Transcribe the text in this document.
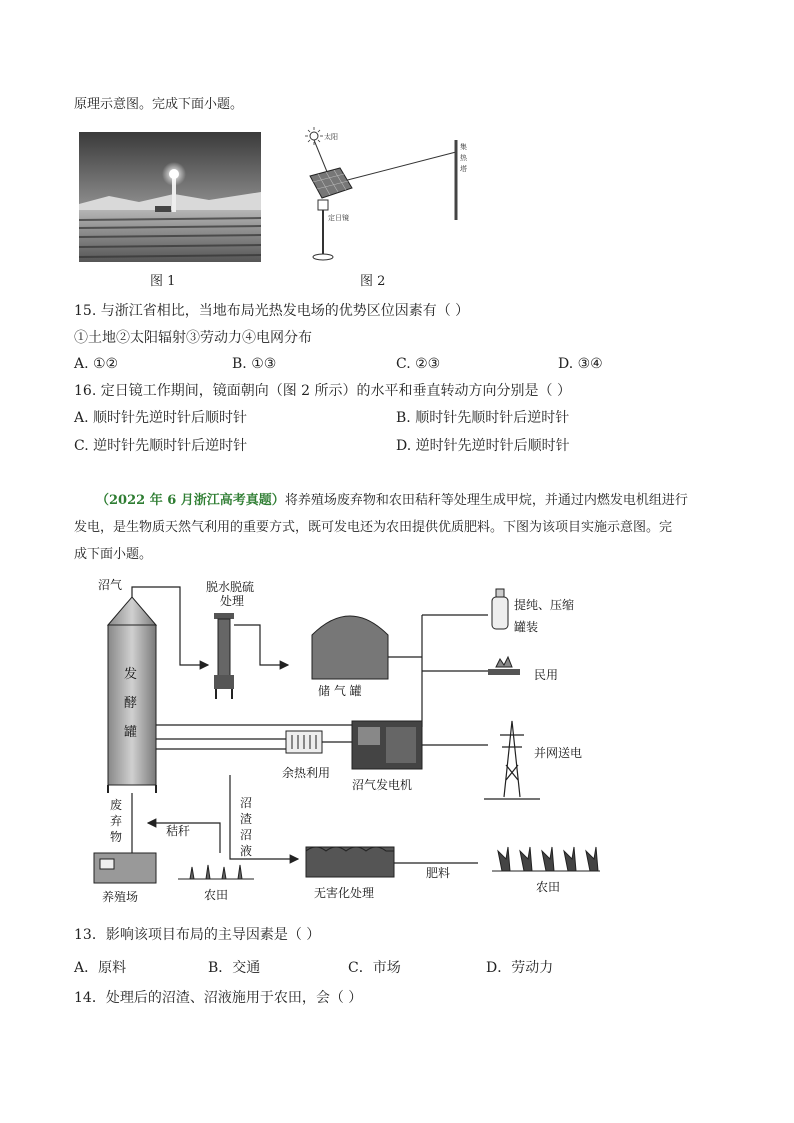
原理示意图。完成下面小题。
图 1
太阳
集
热
塔
定日镜
图 2
15. 与浙江省相比，当地布局光热发电场的优势区位因素有（ ）
①土地②太阳辐射③劳动力④电网分布
A. ①②	B. ①③	C. ②③	D. ③④
16. 定日镜工作期间，镜面朝向（图 2 所示）的水平和垂直转动方向分别是（ ）
A. 顺时针先逆时针后顺时针	B. 顺时针先顺时针后逆时针
C. 逆时针先顺时针后逆时针	D. 逆时针先逆时针后顺时针
（2022 年 6 月浙江高考真题）将养殖场废弃物和农田秸秆等处理生成甲烷，并通过内燃发电机组进行
发电，是生物质天然气利用的重要方式，既可发电还为农田提供优质肥料。下图为该项目实施示意图。完
成下面小题。
发
酵
罐
沼气	脱水脱硫
处理
储 气 罐
提纯、压缩
罐装
民用
沼气发电机
余热利用
并网送电
废
弃
物	秸秆
沼
渣
沼
液
养殖场	农田	无害化处理
肥料
农田
13．影响该项目布局的主导因素是（ ）
A．原料	B．交通	C．市场	D．劳动力
14．处理后的沼渣、沼液施用于农田，会（ ）
